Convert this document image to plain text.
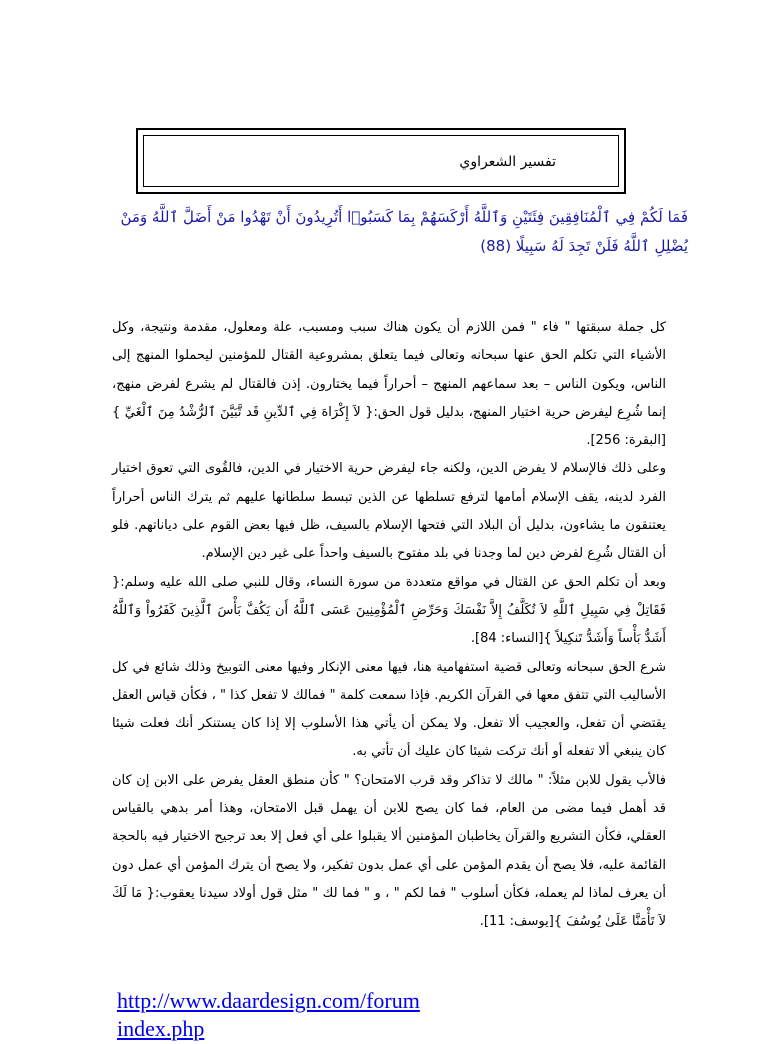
تفسير الشعراوي
فَمَا لَكُمْ فِي ٱلْمُنَافِقِينَ فِئَتَيْنِ وَٱللَّهُ أَرْكَسَهُمْ بِمَا كَسَبُوۤا أَتُرِيدُونَ أَنْ تَهْدُوا مَنْ أَضَلَّ ٱللَّهُ وَمَنْ يُضْلِلِ ٱللَّهُ فَلَنْ تَجِدَ لَهُ سَبِيلًا (88)

كل جملة سبقتها " فاء " فمن اللازم أن يكون هناك سبب ومسبب، علة ومعلول، مقدمة ونتيجة، وكل الأشياء التي تكلم الحق عنها سبحانه وتعالى فيما يتعلق بمشروعية القتال للمؤمنين ليحملوا المنهج إلى الناس، ويكون الناس – بعد سماعهم المنهج – أحراراً فيما يختارون. إذن فالقتال لم يشرع لفرض منهج، إنما شُرِع ليفرض حرية اختيار المنهج، بدليل قول الحق:{ لاَ إِكْرَاهَ فِي ٱلدِّينِ قَد تَّبَيَّنَ ٱلرُّشْدُ مِنَ ٱلْغَيِّ }[البقرة: 256].

وعلى ذلك فالإسلام لا يفرض الدين، ولكنه جاء ليفرض حرية الاختيار في الدين، فالقُوى التي تعوق اختيار الفرد لدينه، يقف الإسلام أمامها لترفع تسلطها عن الذين تبسط سلطانها عليهم ثم يترك الناس أحراراً يعتنقون ما يشاءون، بدليل أن البلاد التي فتحها الإسلام بالسيف، ظل فيها بعض القوم على دياناتهم. فلو أن القتال شُرِع لفرض دين لما وجدنا في بلد مفتوح بالسيف واحداً على غير دين الإسلام.

وبعد أن تكلم الحق عن القتال في مواقع متعددة من سورة النساء، وقال للنبي صلى الله عليه وسلم:{ فَقَاتِلْ فِي سَبِيلِ ٱللَّهِ لاَ تُكَلَّفُ إِلاَّ نَفْسَكَ وَحَرِّضِ ٱلْمُؤْمِنِينَ عَسَى ٱللَّهُ أَن يَكُفَّ بَأْسَ ٱلَّذِينَ كَفَرُواْ وَٱللَّهُ أَشَدُّ بَأْساً وَأَشَدُّ تَنكِيلاً }[النساء: 84].

شرع الحق سبحانه وتعالى قضية استفهامية هنا، فيها معنى الإنكار وفيها معنى التوبيخ وذلك شائع في كل الأساليب التي تتفق معها في القرآن الكريم. فإذا سمعت كلمة " فمالك لا تفعل كذا " ، فكأن قياس العقل يقتضي أن تفعل، والعجيب ألا تفعل. ولا يمكن أن يأتي هذا الأسلوب إلا إذا كان يستنكر أنك فعلت شيئا كان ينبغي ألا تفعله أو أنك تركت شيئا كان عليك أن تأتي به.

فالأب يقول للابن مثلاً: " مالك لا تذاكر وقد قرب الامتحان؟ " كأن منطق العقل يفرض على الابن إن كان قد أهمل فيما مضى من العام، فما كان يصح للابن أن يهمل قبل الامتحان، وهذا أمر بدهي بالقياس العقلي، فكأن التشريع والقرآن يخاطبان المؤمنين ألا يقبلوا على أي فعل إلا بعد ترجيح الاختيار فيه بالحجة القائمة عليه، فلا يصح أن يقدم المؤمن على أي عمل بدون تفكير، ولا يصح أن يترك المؤمن أي عمل دون أن يعرف لماذا لم يعمله، فكأن أسلوب " فما لكم " ، و " فما لك " مثل قول أولاد سيدنا يعقوب:{ مَا لَكَ لاَ تَأْمَنَّا عَلَىٰ يُوسُفَ }[يوسف: 11].

http://www.daardesign.com/forum
index.php
